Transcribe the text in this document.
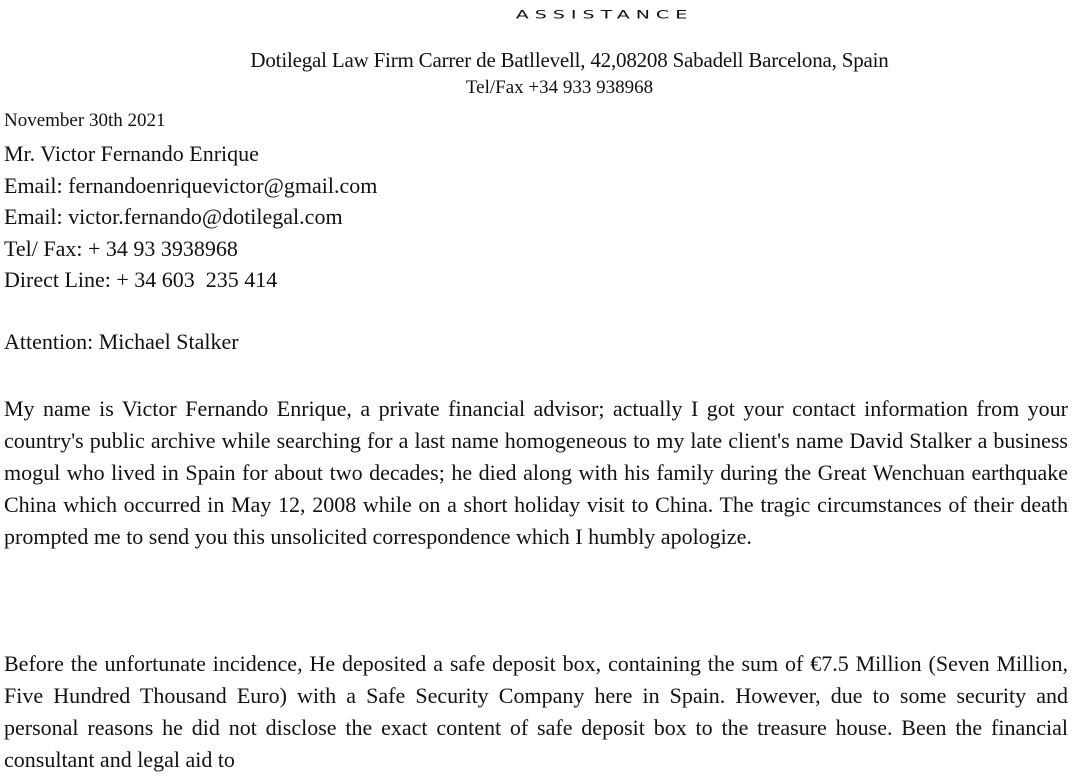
ASSISTANCE
Dotilegal Law Firm Carrer de Batllevell, 42,08208 Sabadell Barcelona, Spain
Tel/Fax +34 933 938968
November 30th 2021
Mr. Victor Fernando Enrique
Email: fernandoenriquevictor@gmail.com
Email: victor.fernando@dotilegal.com
Tel/ Fax: + 34 93 3938968
Direct Line: + 34 603  235 414
Attention: Michael Stalker

My name is Victor Fernando Enrique, a private financial advisor; actually I got your contact information from your country's public archive while searching for a last name homogeneous to my late client's name David Stalker a business mogul who lived in Spain for about two decades; he died along with his family during the Great Wenchuan earthquake China which occurred in May 12, 2008 while on a short holiday visit to China. The tragic circumstances of their death prompted me to send you this unsolicited correspondence which I humbly apologize.

Before the unfortunate incidence, He deposited a safe deposit box, containing the sum of €7.5 Million (Seven Million, Five Hundred Thousand Euro) with a Safe Security Company here in Spain. However, due to some security and personal reasons he did not disclose the exact content of safe deposit box to the treasure house. Been the financial consultant and legal aid to
